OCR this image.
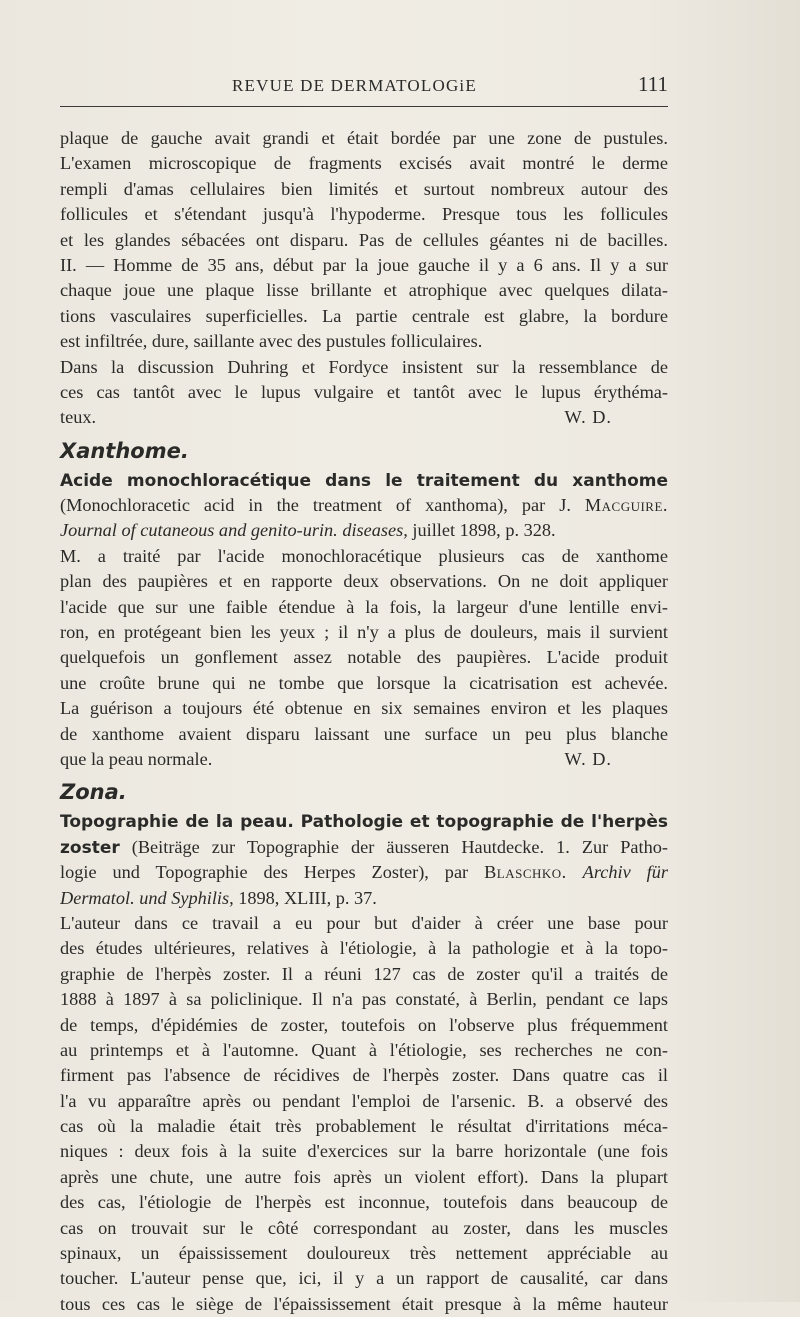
REVUE DE DERMATOLOGiE	111
plaque de gauche avait grandi et était bordée par une zone de pustules.
L'examen microscopique de fragments excisés avait montré le derme
rempli d'amas cellulaires bien limités et surtout nombreux autour des
follicules et s'étendant jusqu'à l'hypoderme. Presque tous les follicules
et les glandes sébacées ont disparu. Pas de cellules géantes ni de bacilles.
II. — Homme de 35 ans, début par la joue gauche il y a 6 ans. Il y a sur
chaque joue une plaque lisse brillante et atrophique avec quelques dilata-
tions vasculaires superficielles. La partie centrale est glabre, la bordure
est infiltrée, dure, saillante avec des pustules folliculaires.
Dans la discussion Duhring et Fordyce insistent sur la ressemblance de
ces cas tantôt avec le lupus vulgaire et tantôt avec le lupus érythéma-
teux.	W. D.
Xanthome.
Acide monochloracétique dans le traitement du xanthome
(Monochloracetic acid in the treatment of xanthoma), par J. Macguire.
Journal of cutaneous and genito-urin. diseases, juillet 1898, p. 328.
M. a traité par l'acide monochloracétique plusieurs cas de xanthome
plan des paupières et en rapporte deux observations. On ne doit appliquer
l'acide que sur une faible étendue à la fois, la largeur d'une lentille envi-
ron, en protégeant bien les yeux ; il n'y a plus de douleurs, mais il survient
quelquefois un gonflement assez notable des paupières. L'acide produit
une croûte brune qui ne tombe que lorsque la cicatrisation est achevée.
La guérison a toujours été obtenue en six semaines environ et les plaques
de xanthome avaient disparu laissant une surface un peu plus blanche
que la peau normale.	W. D.
Zona.
Topographie de la peau. Pathologie et topographie de l'herpès
zoster (Beiträge zur Topographie der äusseren Hautdecke. 1. Zur Patho-
logie und Topographie des Herpes Zoster), par Blaschko. Archiv für
Dermatol. und Syphilis, 1898, XLIII, p. 37.
L'auteur dans ce travail a eu pour but d'aider à créer une base pour
des études ultérieures, relatives à l'étiologie, à la pathologie et à la topo-
graphie de l'herpès zoster. Il a réuni 127 cas de zoster qu'il a traités de
1888 à 1897 à sa policlinique. Il n'a pas constaté, à Berlin, pendant ce laps
de temps, d'épidémies de zoster, toutefois on l'observe plus fréquemment
au printemps et à l'automne. Quant à l'étiologie, ses recherches ne con-
firment pas l'absence de récidives de l'herpès zoster. Dans quatre cas il
l'a vu apparaître après ou pendant l'emploi de l'arsenic. B. a observé des
cas où la maladie était très probablement le résultat d'irritations méca-
niques : deux fois à la suite d'exercices sur la barre horizontale (une fois
après une chute, une autre fois après un violent effort). Dans la plupart
des cas, l'étiologie de l'herpès est inconnue, toutefois dans beaucoup de
cas on trouvait sur le côté correspondant au zoster, dans les muscles
spinaux, un épaississement douloureux très nettement appréciable au
toucher. L'auteur pense que, ici, il y a un rapport de causalité, car dans
tous ces cas le siège de l'épaississement était presque à la même hauteur
